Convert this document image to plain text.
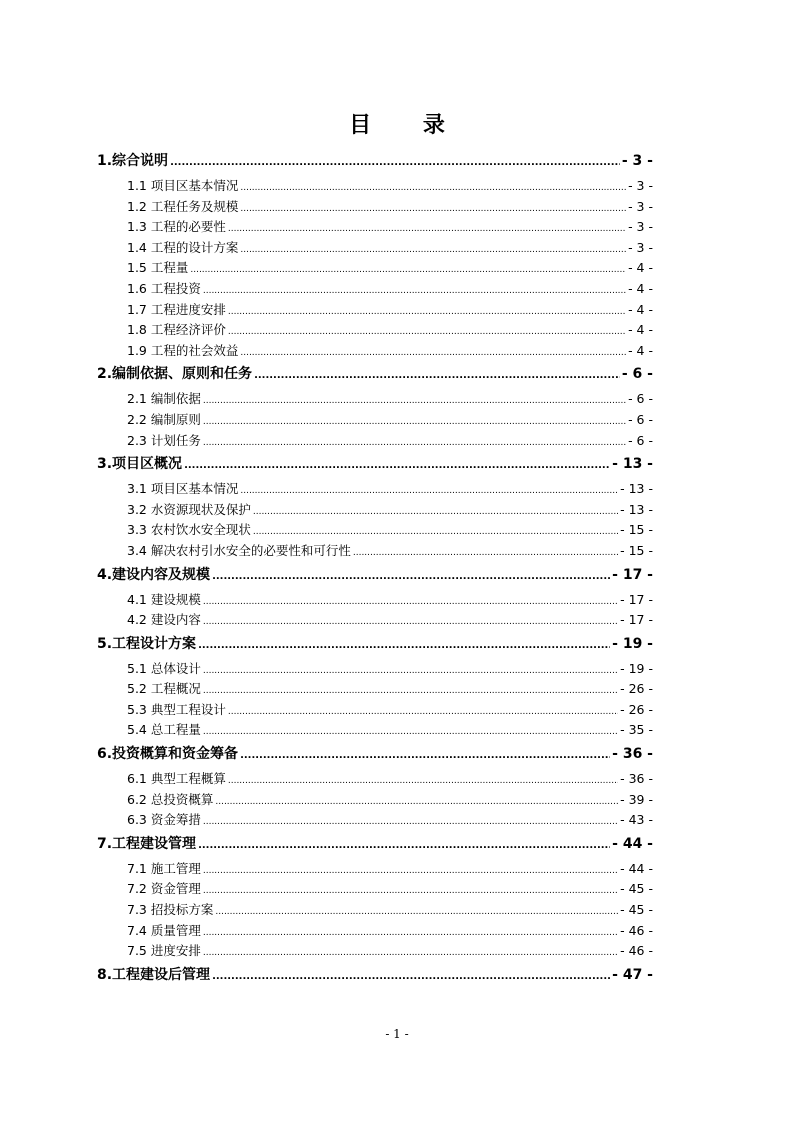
目 录
1.综合说明 .....	- 3 -
1.1 项目区基本情况 .....	- 3 -
1.2 工程任务及规模 .....	- 3 -
1.3 工程的必要性 .....	- 3 -
1.4 工程的设计方案 .....	- 3 -
1.5 工程量 .....	- 4 -
1.6 工程投资 .....	- 4 -
1.7 工程进度安排 .....	- 4 -
1.8 工程经济评价 .....	- 4 -
1.9 工程的社会效益 .....	- 4 -
2.编制依据、原则和任务 .....	- 6 -
2.1 编制依据 .....	- 6 -
2.2 编制原则 .....	- 6 -
2.3 计划任务 .....	- 6 -
3.项目区概况 .....	- 13 -
3.1 项目区基本情况 .....	- 13 -
3.2 水资源现状及保护 .....	- 13 -
3.3 农村饮水安全现状 .....	- 15 -
3.4 解决农村引水安全的必要性和可行性 .....	- 15 -
4.建设内容及规模 .....	- 17 -
4.1 建设规模 .....	- 17 -
4.2 建设内容 .....	- 17 -
5.工程设计方案 .....	- 19 -
5.1 总体设计 .....	- 19 -
5.2 工程概况 .....	- 26 -
5.3 典型工程设计 .....	- 26 -
5.4 总工程量 .....	- 35 -
6.投资概算和资金筹备 .....	- 36 -
6.1 典型工程概算 .....	- 36 -
6.2 总投资概算 .....	- 39 -
6.3 资金筹措 .....	- 43 -
7.工程建设管理 .....	- 44 -
7.1 施工管理 .....	- 44 -
7.2 资金管理 .....	- 45 -
7.3 招投标方案 .....	- 45 -
7.4 质量管理 .....	- 46 -
7.5 进度安排 .....	- 46 -
8.工程建设后管理 .....	- 47 -
- 1 -
